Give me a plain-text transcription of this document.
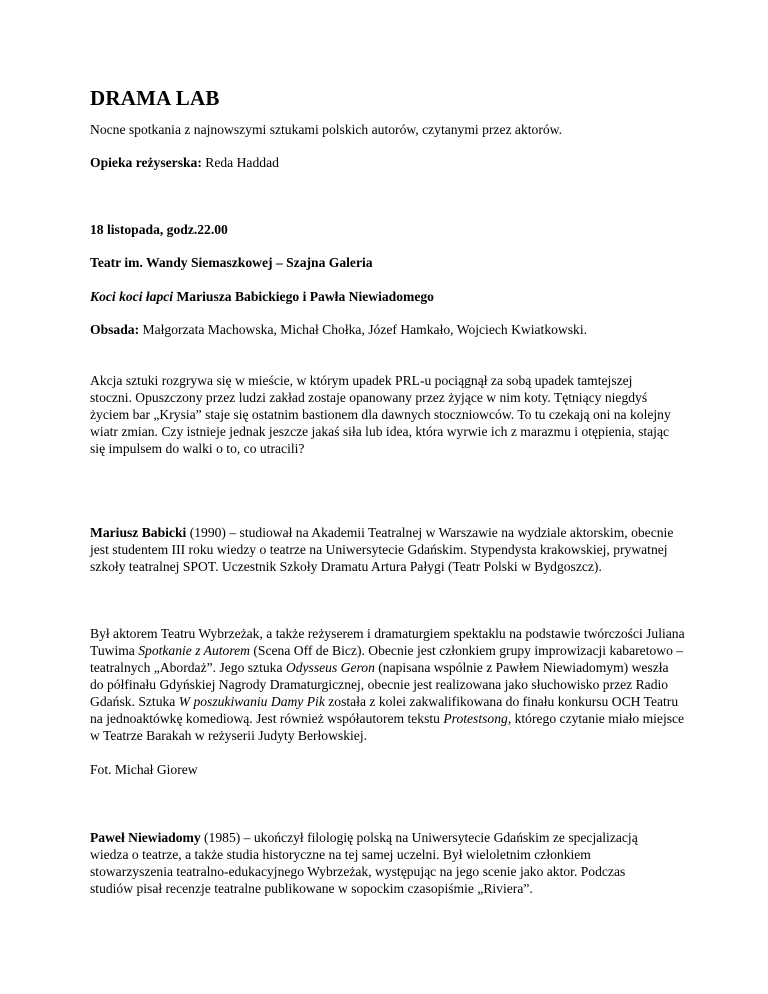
DRAMA LAB

Nocne spotkania z najnowszymi sztukami polskich autorów, czytanymi przez aktorów.

Opieka reżyserska: Reda Haddad

18 listopada, godz.22.00

Teatr im. Wandy Siemaszkowej – Szajna Galeria

Koci koci łapci Mariusza Babickiego i Pawła Niewiadomego

Obsada: Małgorzata Machowska, Michał Chołka, Józef Hamkało, Wojciech Kwiatkowski.

Akcja sztuki rozgrywa się w mieście, w którym upadek PRL-u pociągnął za sobą upadek tamtejszej stoczni. Opuszczony przez ludzi zakład zostaje opanowany przez żyjące w nim koty. Tętniący niegdyś życiem bar „Krysia” staje się ostatnim bastionem dla dawnych stoczniowców. To tu czekają oni na kolejny wiatr zmian. Czy istnieje jednak jeszcze jakaś siła lub idea, która wyrwie ich z marazmu i otępienia, stając się impulsem do walki o to, co utracili?

Mariusz Babicki (1990) – studiował na Akademii Teatralnej w Warszawie na wydziale aktorskim, obecnie jest studentem III roku wiedzy o teatrze na Uniwersytecie Gdańskim. Stypendysta krakowskiej, prywatnej szkoły teatralnej SPOT. Uczestnik Szkoły Dramatu Artura Pałygi (Teatr Polski w Bydgoszcz).

Był aktorem Teatru Wybrzeżak, a także reżyserem i dramaturgiem spektaklu na podstawie twórczości Juliana Tuwima Spotkanie z Autorem (Scena Off de Bicz). Obecnie jest członkiem grupy improwizacji kabaretowo – teatralnych „Abordaż”. Jego sztuka Odysseus Geron (napisana wspólnie z Pawłem Niewiadomym) weszła do półfinału Gdyńskiej Nagrody Dramaturgicznej, obecnie jest realizowana jako słuchowisko przez Radio Gdańsk. Sztuka W poszukiwaniu Damy Pik została z kolei zakwalifikowana do finału konkursu OCH Teatru na jednoaktówkę komediową. Jest również współautorem tekstu Protestsong, którego czytanie miało miejsce w Teatrze Barakah w reżyserii Judyty Berłowskiej.

Fot. Michał Giorew

Paweł Niewiadomy (1985) – ukończył filologię polską na Uniwersytecie Gdańskim ze specjalizacją wiedza o teatrze, a także studia historyczne na tej samej uczelni. Był wieloletnim członkiem stowarzyszenia teatralno-edukacyjnego Wybrzeżak, występując na jego scenie jako aktor. Podczas studiów pisał recenzje teatralne publikowane w sopockim czasopiśmie „Riviera”.
